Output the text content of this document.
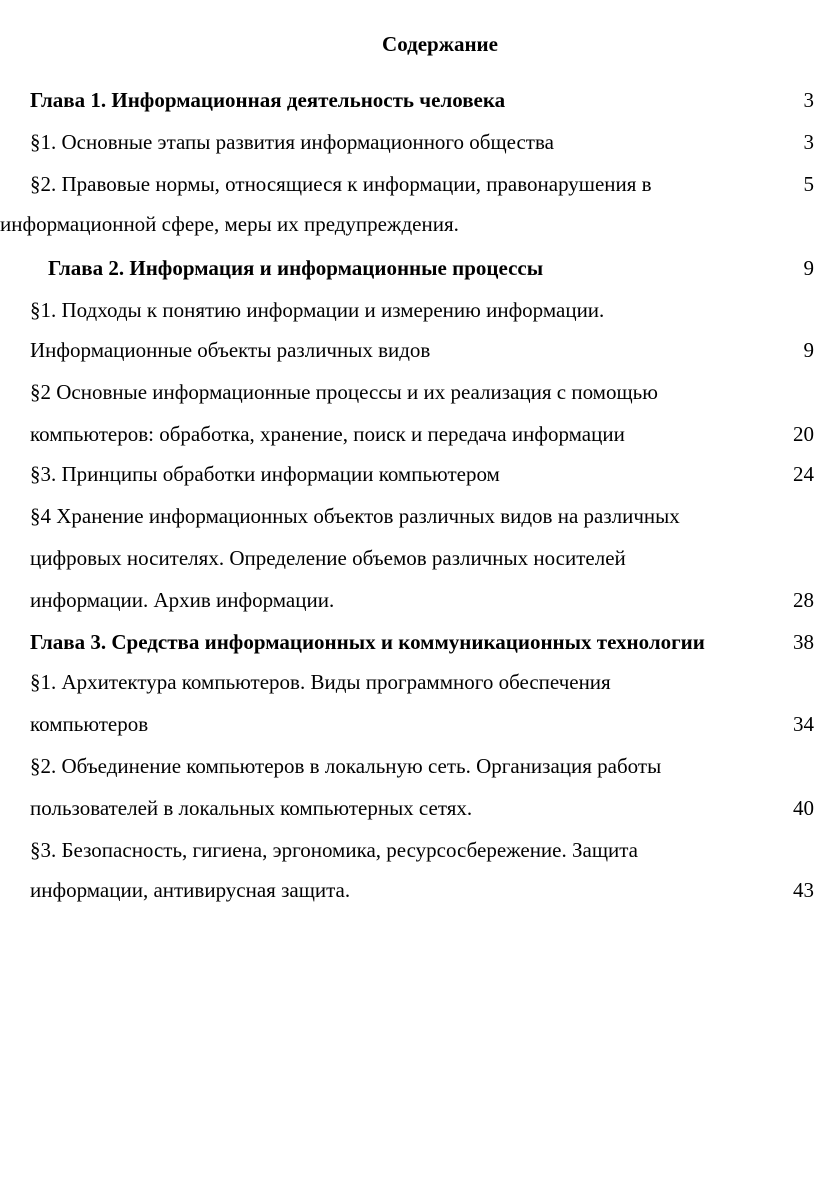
Содержание
Глава 1. Информационная деятельность человека	3
§1. Основные этапы развития информационного общества	3
§2. Правовые нормы, относящиеся к информации, правонарушения в	5
информационной сфере, меры их предупреждения.
Глава 2. Информация и информационные процессы	9
§1. Подходы к понятию информации и измерению информации.
Информационные объекты различных видов	9
§2 Основные информационные процессы и их реализация с помощью
компьютеров: обработка, хранение, поиск и передача информации	20
§3. Принципы обработки информации компьютером	24
§4 Хранение информационных объектов различных видов на различных
цифровых носителях. Определение объемов различных носителей
информации. Архив информации.	28
Глава 3. Средства информационных и коммуникационных технологии	38
§1. Архитектура компьютеров. Виды программного обеспечения
компьютеров	34
§2. Объединение компьютеров в локальную сеть. Организация работы
пользователей в локальных компьютерных сетях.	40
§3. Безопасность, гигиена, эргономика, ресурсосбережение. Защита
информации, антивирусная защита.	43
